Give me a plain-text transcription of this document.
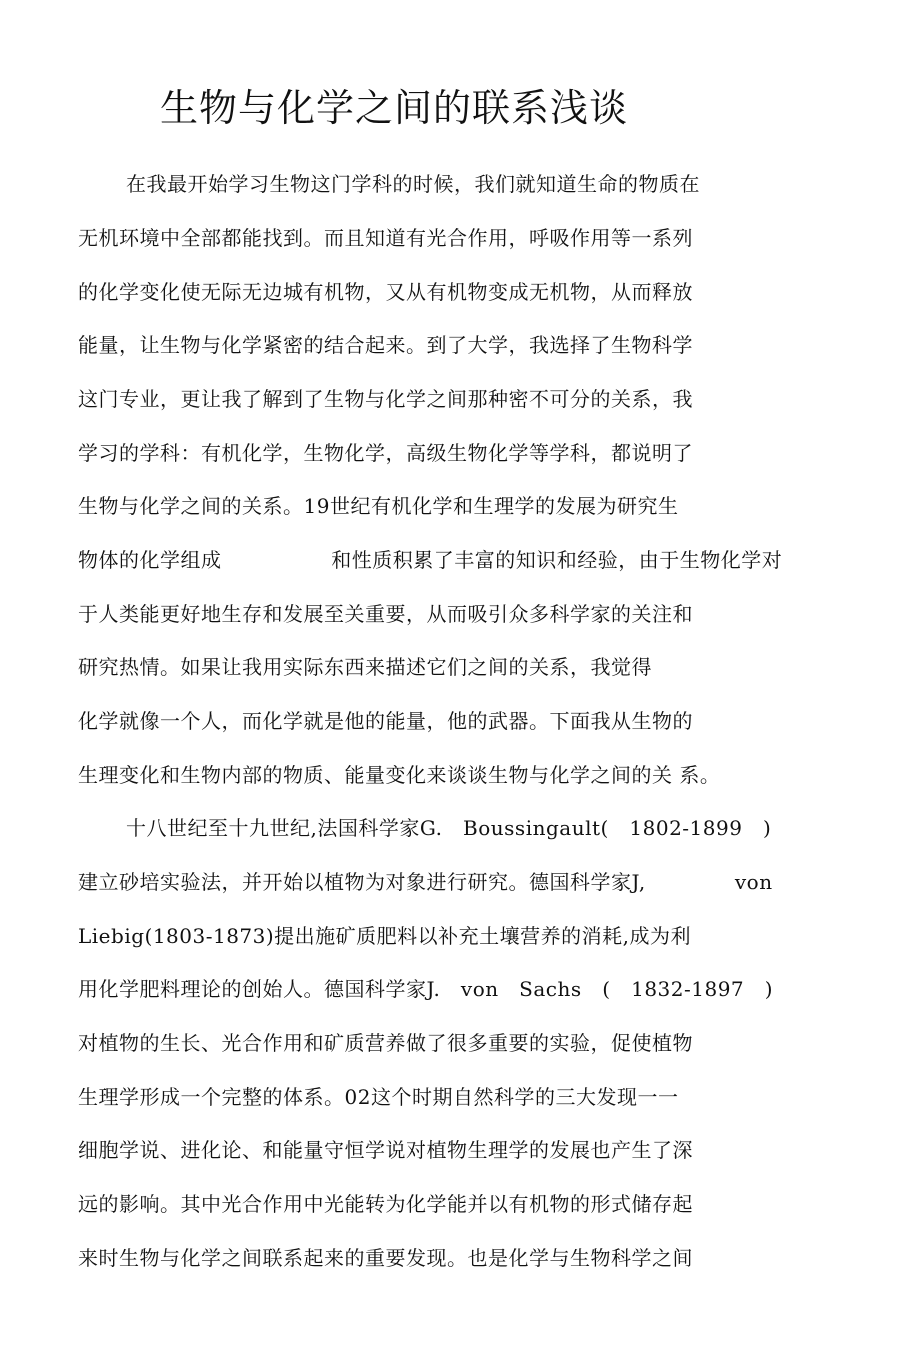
生物与化学之间的联系浅谈
在我最开始学习生物这门学科的时候，我们就知道生命的物质在
无机环境中全部都能找到。而且知道有光合作用，呼吸作用等一系列
的化学变化使无际无边城有机物，又从有机物变成无机物，从而释放
能量，让生物与化学紧密的结合起来。到了大学，我选择了生物科学
这门专业，更让我了解到了生物与化学之间那种密不可分的关系，我
学习的学科：有机化学，生物化学，高级生物化学等学科，都说明了
生物与化学之间的关系。19世纪有机化学和生理学的发展为研究生
物体的化学组成                和性质积累了丰富的知识和经验，由于生物化学对
于人类能更好地生存和发展至关重要，从而吸引众多科学家的关注和
研究热情。如果让我用实际东西来描述它们之间的关系，我觉得
化学就像一个人，而化学就是他的能量，他的武器。下面我从生物的
生理变化和生物内部的物质、能量变化来谈谈生物与化学之间的关 系。
十八世纪至十九世纪,法国科学家G.   Boussingault(   1802-1899   )
建立砂培实验法，并开始以植物为对象进行研究。德国科学家J,             von
Liebig(1803-1873)提出施矿质肥料以补充土壤营养的消耗,成为利
用化学肥料理论的创始人。德国科学家J.   von   Sachs   (   1832-1897   )
对植物的生长、光合作用和矿质营养做了很多重要的实验，促使植物
生理学形成一个完整的体系。02这个时期自然科学的三大发现一一
细胞学说、进化论、和能量守恒学说对植物生理学的发展也产生了深
远的影响。其中光合作用中光能转为化学能并以有机物的形式储存起
来时生物与化学之间联系起来的重要发现。也是化学与生物科学之间
